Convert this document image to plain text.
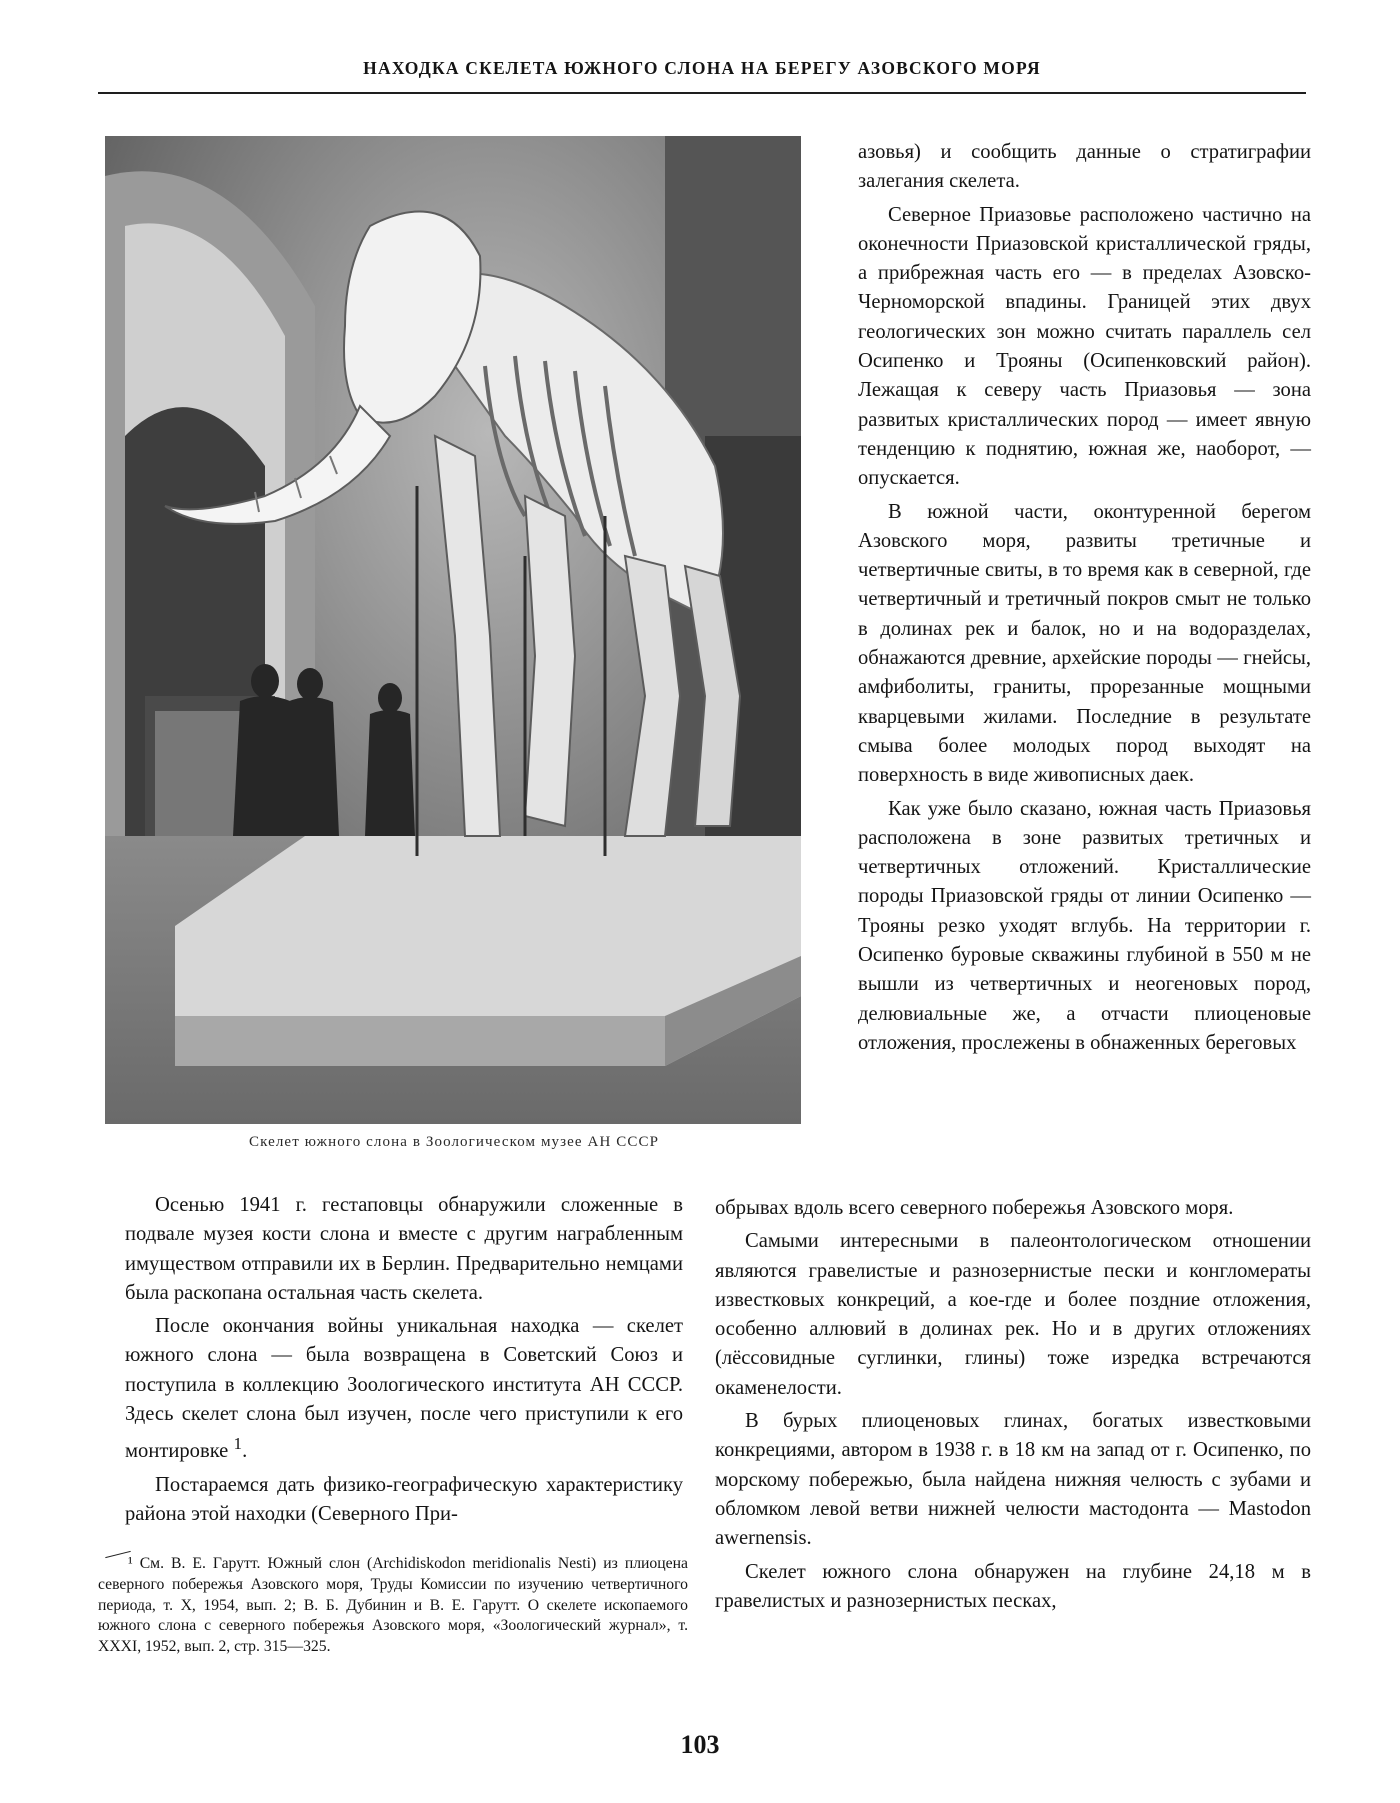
НАХОДКА СКЕЛЕТА ЮЖНОГО СЛОНА НА БЕРЕГУ АЗОВСКОГО МОРЯ
Скелет южного слона в Зоологическом музее АН СССР

азовья) и сообщить данные о стратиграфии залегания скелета.

Северное Приазовье расположено частично на оконечности Приазовской кристаллической гряды, а прибрежная часть его — в пределах Азовско-Черноморской впадины. Границей этих двух геологических зон можно считать параллель сел Осипенко и Трояны (Осипенковский район). Лежащая к северу часть Приазовья — зона развитых кристаллических пород — имеет явную тенденцию к поднятию, южная же, наоборот, — опускается.

В южной части, оконтуренной берегом Азовского моря, развиты третичные и четвертичные свиты, в то время как в северной, где четвертичный и третичный покров смыт не только в долинах рек и балок, но и на водоразделах, обнажаются древние, архейские породы — гнейсы, амфиболиты, граниты, прорезанные мощными кварцевыми жилами. Последние в результате смыва более молодых пород выходят на поверхность в виде живописных даек.

Как уже было сказано, южная часть Приазовья расположена в зоне развитых третичных и четвертичных отложений. Кристаллические породы Приазовской гряды от линии Осипенко — Трояны резко уходят вглубь. На территории г. Осипенко буровые скважины глубиной в 550 м не вышли из четвертичных и неогеновых пород, делювиальные же, а отчасти плиоценовые отложения, прослежены в обнаженных береговых

Осенью 1941 г. гестаповцы обнаружили сложенные в подвале музея кости слона и вместе с другим награбленным имуществом отправили их в Берлин. Предварительно немцами была раскопана остальная часть скелета.

После окончания войны уникальная находка — скелет южного слона — была возвращена в Советский Союз и поступила в коллекцию Зоологического института АН СССР. Здесь скелет слона был изучен, после чего приступили к его монтировке $^1$.

Постараемся дать физико-географическую характеристику района этой находки (Северного При-

обрывах вдоль всего северного побережья Азовского моря.

Самыми интересными в палеонтологическом отношении являются гравелистые и разнозернистые пески и конгломераты известковых конкреций, а кое-где и более поздние отложения, особенно аллювий в долинах рек. Но и в других отложениях (лёссовидные суглинки, глины) тоже изредка встречаются окаменелости.

В бурых плиоценовых глинах, богатых известковыми конкрециями, автором в 1938 г. в 18 км на запад от г. Осипенко, по морскому побережью, была найдена нижняя челюсть с зубами и обломком левой ветви нижней челюсти мастодонта — Mastodon awernensis.

Скелет южного слона обнаружен на глубине 24,18 м в гравелистых и разнозернистых песках,

¹ См. В. Е. Гарутт. Южный слон (Archidiskodon meridionalis Nesti) из плиоцена северного побережья Азовского моря, Труды Комиссии по изучению четвертичного периода, т. X, 1954, вып. 2; В. Б. Дубинин и В. Е. Гарутт. О скелете ископаемого южного слона с северного побережья Азовского моря, «Зоологический журнал», т. XXXI, 1952, вып. 2, стр. 315—325.

103
